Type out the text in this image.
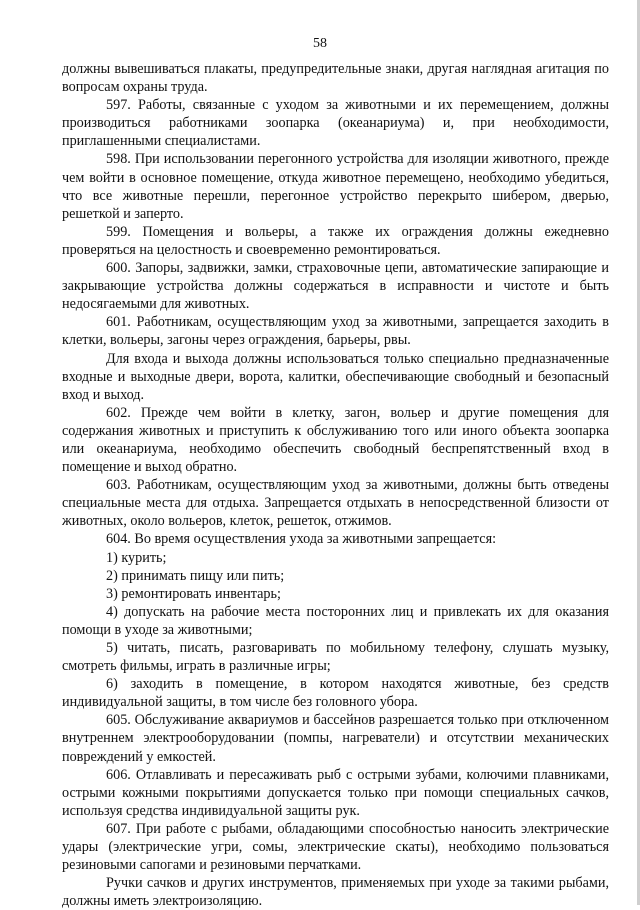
58

должны вывешиваться плакаты, предупредительные знаки, другая наглядная агитация по вопросам охраны труда.

597. Работы, связанные с уходом за животными и их перемещением, должны производиться работниками зоопарка (океанариума) и, при необходимости, приглашенными специалистами.

598. При использовании перегонного устройства для изоляции животного, прежде чем войти в основное помещение, откуда животное перемещено, необходимо убедиться, что все животные перешли, перегонное устройство перекрыто шибером, дверью, решеткой и заперто.

599. Помещения и вольеры, а также их ограждения должны ежедневно проверяться на целостность и своевременно ремонтироваться.

600. Запоры, задвижки, замки, страховочные цепи, автоматические запирающие и закрывающие устройства должны содержаться в исправности и чистоте и быть недосягаемыми для животных.

601. Работникам, осуществляющим уход за животными, запрещается заходить в клетки, вольеры, загоны через ограждения, барьеры, рвы.

Для входа и выхода должны использоваться только специально предназначенные входные и выходные двери, ворота, калитки, обеспечивающие свободный и безопасный вход и выход.

602. Прежде чем войти в клетку, загон, вольер и другие помещения для содержания животных и приступить к обслуживанию того или иного объекта зоопарка или океанариума, необходимо обеспечить свободный беспрепятственный вход в помещение и выход обратно.

603. Работникам, осуществляющим уход за животными, должны быть отведены специальные места для отдыха. Запрещается отдыхать в непосредственной близости от животных, около вольеров, клеток, решеток, отжимов.

604. Во время осуществления ухода за животными запрещается:

1) курить;

2) принимать пищу или пить;

3) ремонтировать инвентарь;

4) допускать на рабочие места посторонних лиц и привлекать их для оказания помощи в уходе за животными;

5) читать, писать, разговаривать по мобильному телефону, слушать музыку, смотреть фильмы, играть в различные игры;

6) заходить в помещение, в котором находятся животные, без средств индивидуальной защиты, в том числе без головного убора.

605. Обслуживание аквариумов и бассейнов разрешается только при отключенном внутреннем электрооборудовании (помпы, нагреватели) и отсутствии механических повреждений у емкостей.

606. Отлавливать и пересаживать рыб с острыми зубами, колючими плавниками, острыми кожными покрытиями допускается только при помощи специальных сачков, используя средства индивидуальной защиты рук.

607. При работе с рыбами, обладающими способностью наносить электрические удары (электрические угри, сомы, электрические скаты), необходимо пользоваться резиновыми сапогами и резиновыми перчатками.

Ручки сачков и других инструментов, применяемых при уходе за такими рыбами, должны иметь электроизоляцию.
